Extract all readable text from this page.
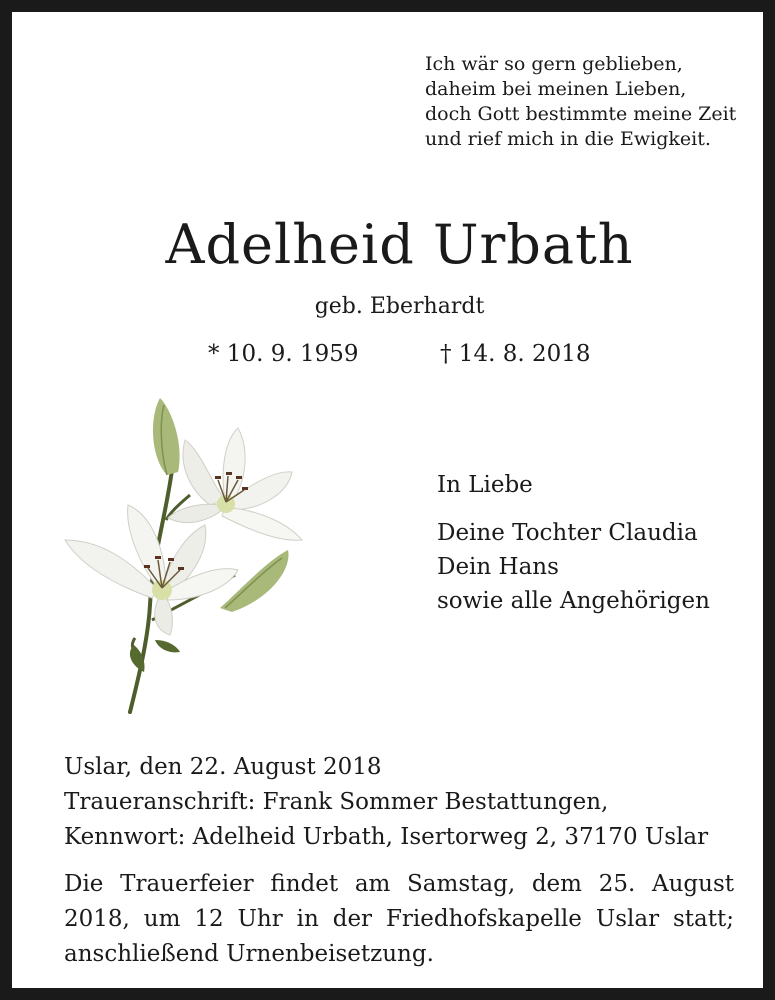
Ich wär so gern geblieben,
daheim bei meinen Lieben,
doch Gott bestimmte meine Zeit
und rief mich in die Ewigkeit.
Adelheid Urbath
geb. Eberhardt
* 10. 9. 1959	† 14. 8. 2018
In Liebe
Deine Tochter Claudia
Dein Hans
sowie alle Angehörigen
Uslar, den 22. August 2018
Traueranschrift: Frank Sommer Bestattungen,
Kennwort: Adelheid Urbath, Isertorweg 2, 37170 Uslar

Die Trauerfeier findet am Samstag, dem 25. August 2018, um 12 Uhr in der Friedhofskapelle Uslar statt; anschließend Urnenbeisetzung.
